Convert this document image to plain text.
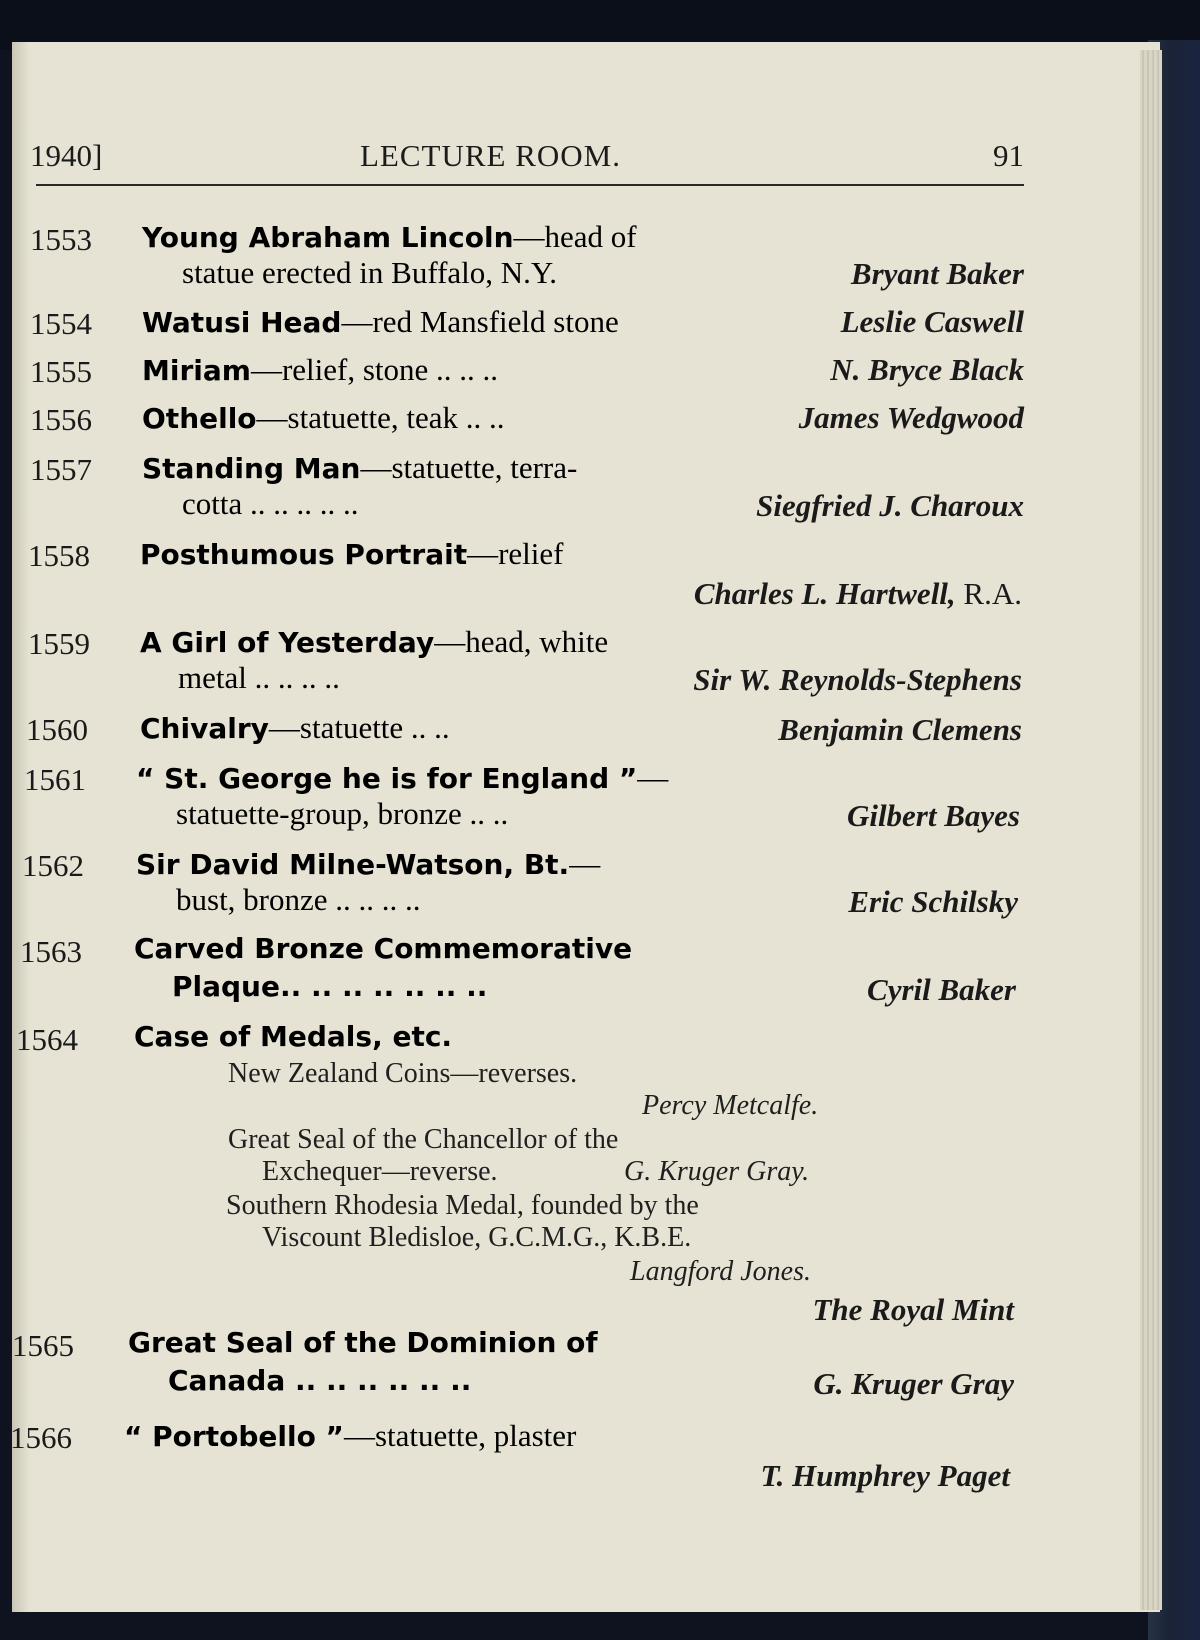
1940]	LECTURE ROOM.	91
1553 Young Abraham Lincoln—head of
statue erected in Buffalo, N.Y.	Bryant Baker
1554 Watusi Head—red Mansfield stone	Leslie Caswell
1555 Miriam—relief, stone .. .. ..	N. Bryce Black
1556 Othello—statuette, teak .. ..	James Wedgwood
1557 Standing Man—statuette, terra-
cotta .. .. .. .. ..	Siegfried J. Charoux
1558 Posthumous Portrait—relief
Charles L. Hartwell, R.A.
1559 A Girl of Yesterday—head, white
metal .. .. .. ..	Sir W. Reynolds-Stephens
1560 Chivalry—statuette .. ..	Benjamin Clemens
1561 “ St. George he is for England ”—
statuette-group, bronze .. ..	Gilbert Bayes
1562 Sir David Milne-Watson, Bt.—
bust, bronze .. .. .. ..	Eric Schilsky
1563 Carved Bronze Commemorative
Plaque.. .. .. .. .. .. ..	Cyril Baker
1564 Case of Medals, etc.
New Zealand Coins—reverses.
Percy Metcalfe.
Great Seal of the Chancellor of the
Exchequer—reverse.	G. Kruger Gray.
Southern Rhodesia Medal, founded by the
Viscount Bledisloe, G.C.M.G., K.B.E.
Langford Jones.
The Royal Mint
1565 Great Seal of the Dominion of
Canada .. .. .. .. .. ..	G. Kruger Gray
1566 “ Portobello ”—statuette, plaster
T. Humphrey Paget
